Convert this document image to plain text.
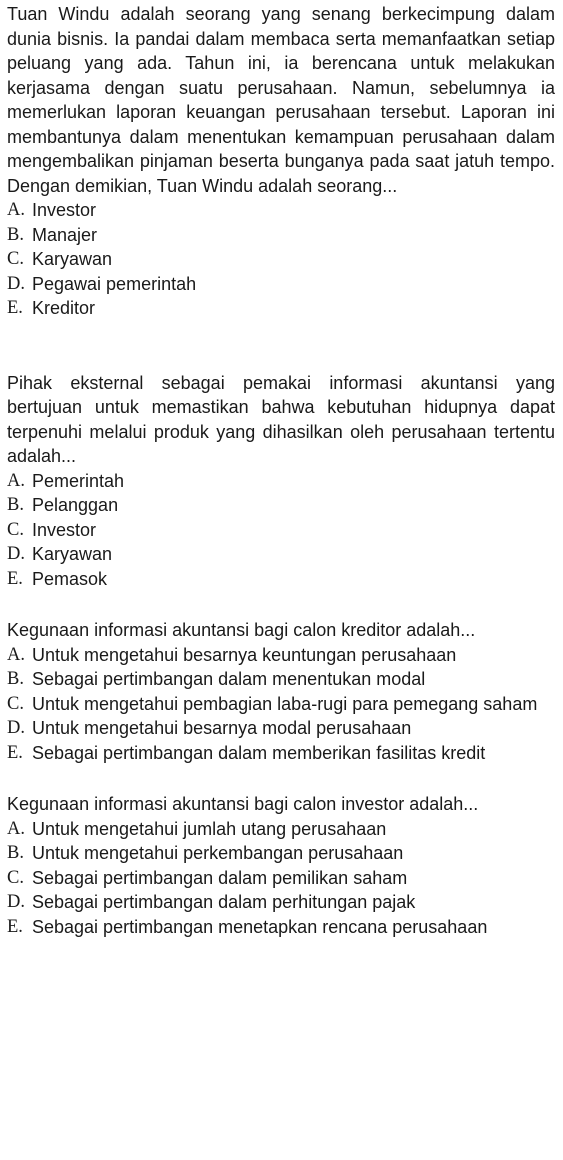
Tuan Windu adalah seorang yang senang berkecimpung dalam dunia bisnis. Ia pandai dalam membaca serta memanfaatkan setiap peluang yang ada. Tahun ini, ia berencana untuk melakukan kerjasama dengan suatu perusahaan. Namun, sebelumnya ia memerlukan laporan keuangan perusahaan tersebut. Laporan ini membantunya dalam menentukan kemampuan perusahaan dalam mengembalikan pinjaman beserta bunganya pada saat jatuh tempo. Dengan demikian, Tuan Windu adalah seorang...

A. Investor
B. Manajer
C. Karyawan
D. Pegawai pemerintah
E. Kreditor

Pihak eksternal sebagai pemakai informasi akuntansi yang bertujuan untuk memastikan bahwa kebutuhan hidupnya dapat terpenuhi melalui produk yang dihasilkan oleh perusahaan tertentu adalah...

A. Pemerintah
B. Pelanggan
C. Investor
D. Karyawan
E. Pemasok

Kegunaan informasi akuntansi bagi calon kreditor adalah...

A. Untuk mengetahui besarnya keuntungan perusahaan
B. Sebagai pertimbangan dalam menentukan modal
C. Untuk mengetahui pembagian laba-rugi para pemegang saham
D. Untuk mengetahui besarnya modal perusahaan
E. Sebagai pertimbangan dalam memberikan fasilitas kredit

Kegunaan informasi akuntansi bagi calon investor adalah...

A. Untuk mengetahui jumlah utang perusahaan
B. Untuk mengetahui perkembangan perusahaan
C. Sebagai pertimbangan dalam pemilikan saham
D. Sebagai pertimbangan dalam perhitungan pajak
E. Sebagai pertimbangan menetapkan rencana perusahaan
